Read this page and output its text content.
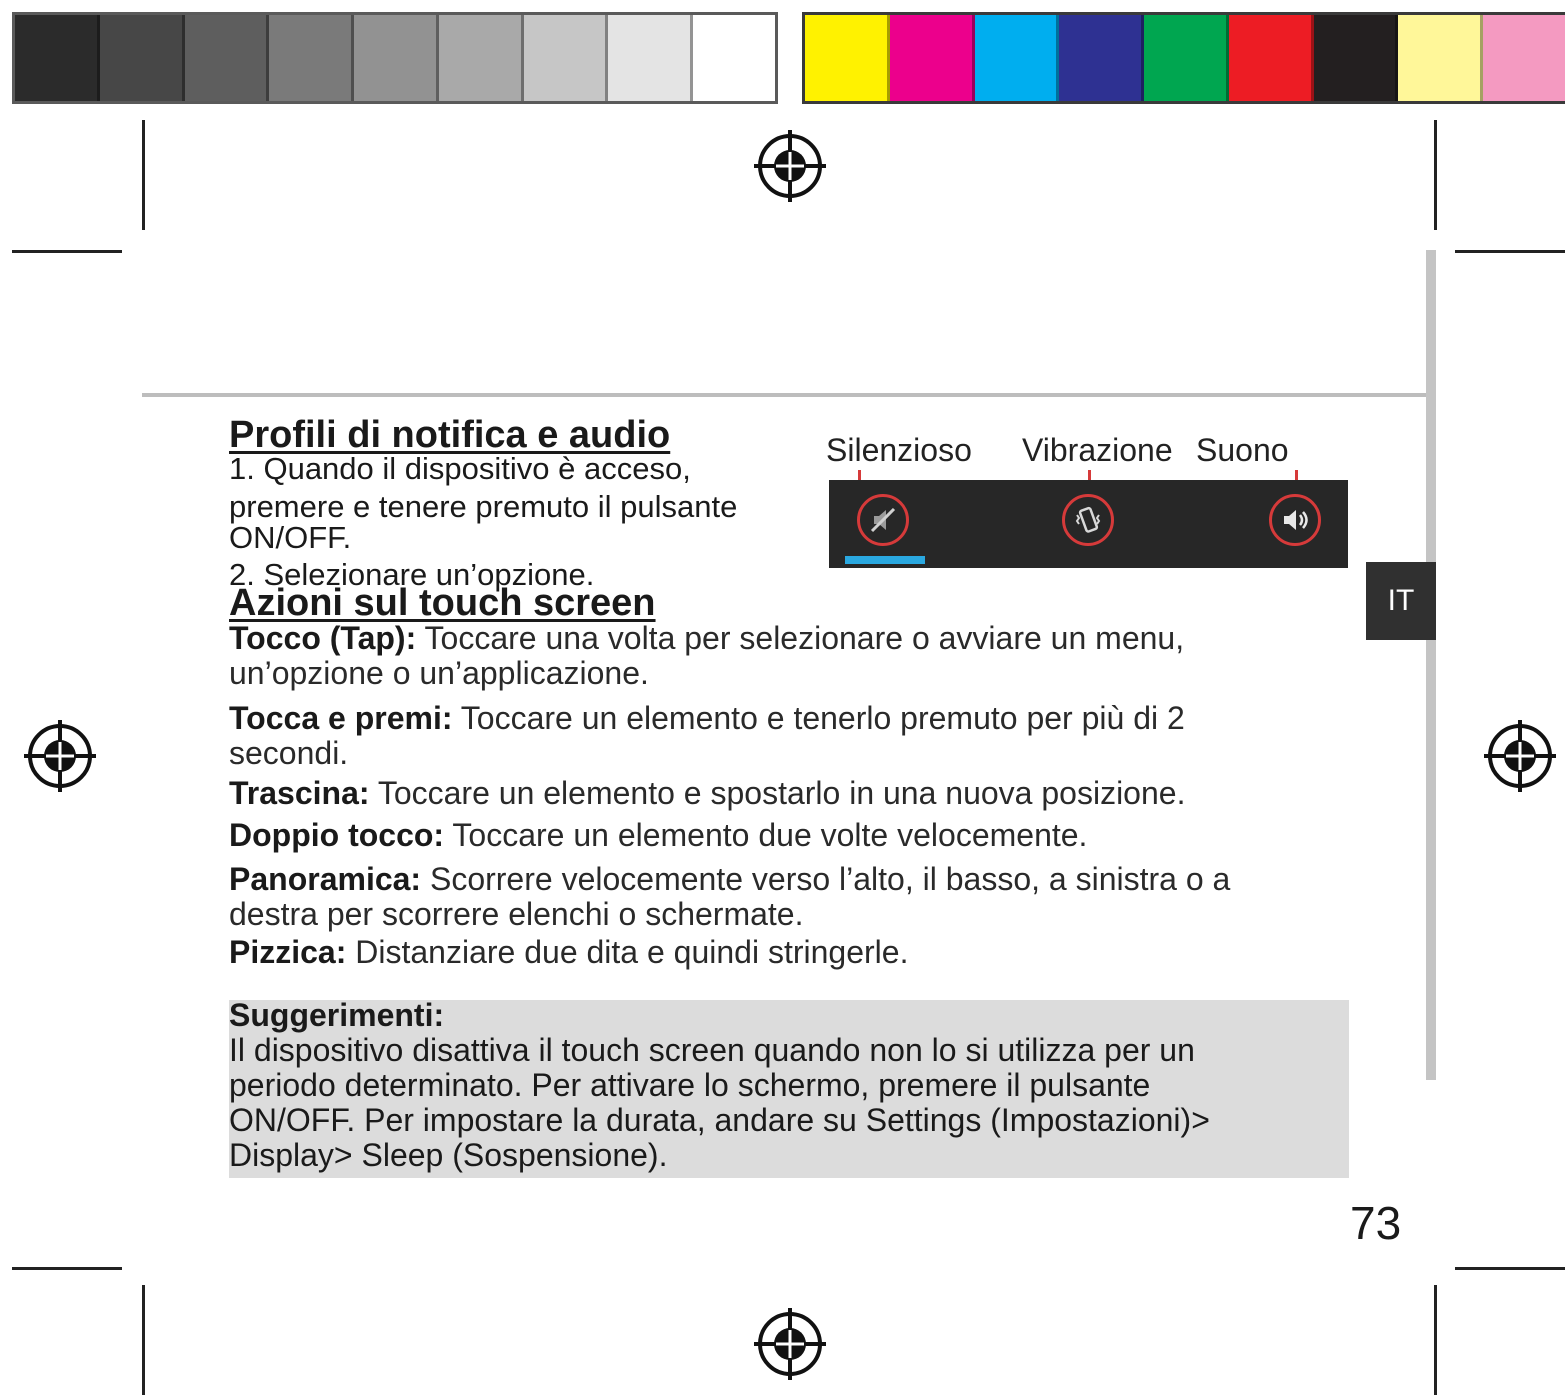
IT
Profili di notifica e audio
1. Quando il dispositivo è acceso,
premere e tenere premuto il pulsante
ON/OFF.
2. Selezionare un’opzione.
Silenzioso Vibrazione Suono
Azioni sul touch screen
Tocco (Tap): Toccare una volta per selezionare o avviare un menu,
un’opzione o un’applicazione.
Tocca e premi: Toccare un elemento e tenerlo premuto per più di 2
secondi.
Trascina: Toccare un elemento e spostarlo in una nuova posizione.
Doppio tocco: Toccare un elemento due volte velocemente.
Panoramica: Scorrere velocemente verso l’alto, il basso, a sinistra o a
destra per scorrere elenchi o schermate.
Pizzica: Distanziare due dita e quindi stringerle.
Suggerimenti:
Il dispositivo disattiva il touch screen quando non lo si utilizza per un
periodo determinato. Per attivare lo schermo, premere il pulsante
ON/OFF. Per impostare la durata, andare su Settings (Impostazioni)>
Display> Sleep (Sospensione).
73
